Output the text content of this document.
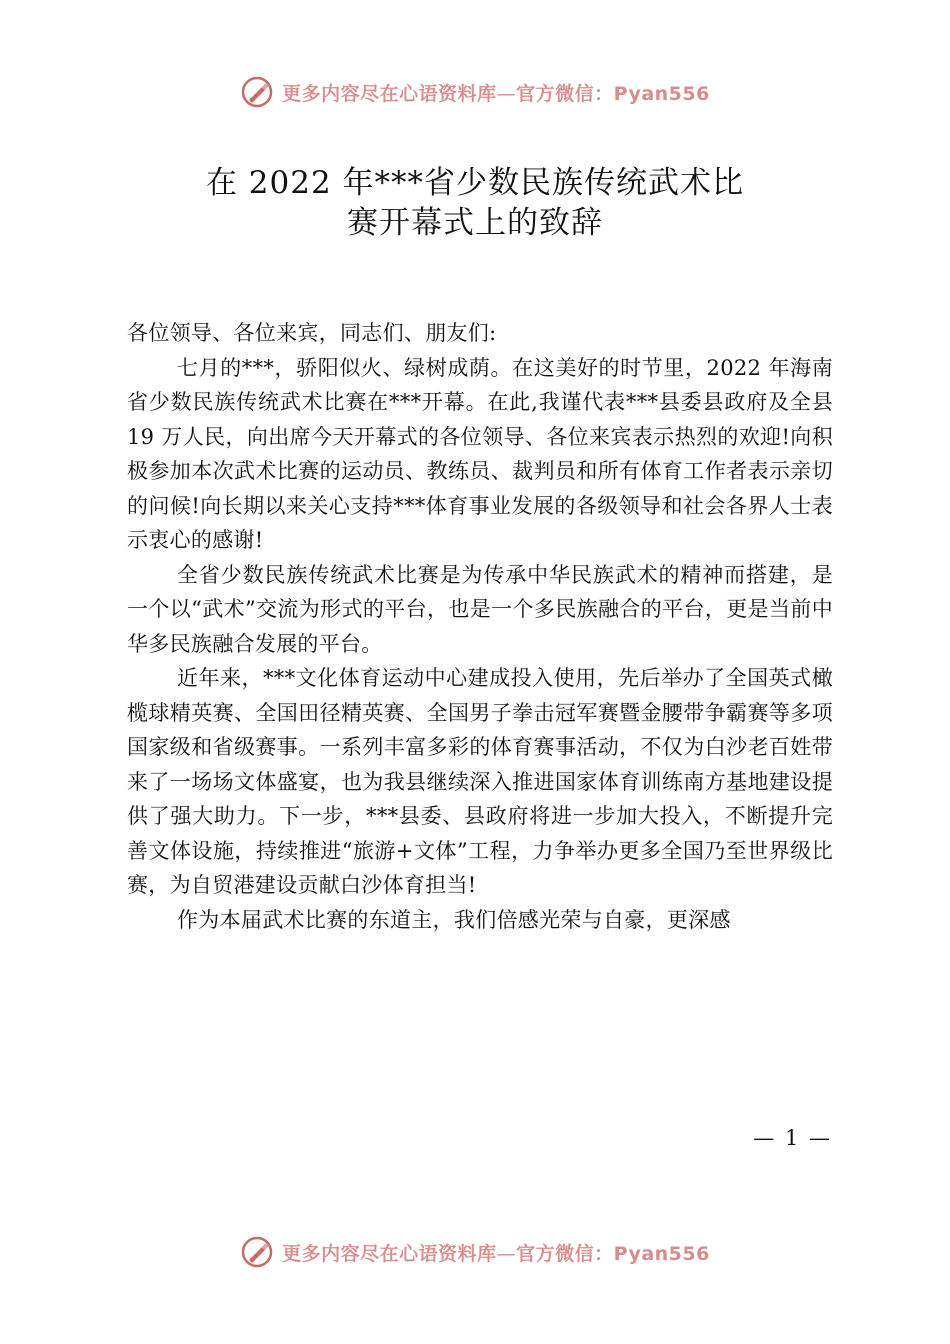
更多内容尽在心语资料库—官方微信：Pyan556
在 2022 年***省少数民族传统武术比
赛开幕式上的致辞

各位领导、各位来宾，同志们、朋友们:

七月的***，骄阳似火、绿树成荫。在这美好的时节里，2022 年海南省少数民族传统武术比赛在***开幕。在此,我谨代表***县委县政府及全县 19 万人民，向出席今天开幕式的各位领导、各位来宾表示热烈的欢迎!向积极参加本次武术比赛的运动员、教练员、裁判员和所有体育工作者表示亲切的问候!向长期以来关心支持***体育事业发展的各级领导和社会各界人士表示衷心的感谢!

全省少数民族传统武术比赛是为传承中华民族武术的精神而搭建，是一个以“武术”交流为形式的平台，也是一个多民族融合的平台，更是当前中华多民族融合发展的平台。

近年来，***文化体育运动中心建成投入使用，先后举办了全国英式橄榄球精英赛、全国田径精英赛、全国男子拳击冠军赛暨金腰带争霸赛等多项国家级和省级赛事。一系列丰富多彩的体育赛事活动，不仅为白沙老百姓带来了一场场文体盛宴，也为我县继续深入推进国家体育训练南方基地建设提供了强大助力。下一步，***县委、县政府将进一步加大投入，不断提升完善文体设施，持续推进“旅游+文体”工程，力争举办更多全国乃至世界级比赛，为自贸港建设贡献白沙体育担当!

作为本届武术比赛的东道主，我们倍感光荣与自豪，更深感

— 1 —
更多内容尽在心语资料库—官方微信：Pyan556
